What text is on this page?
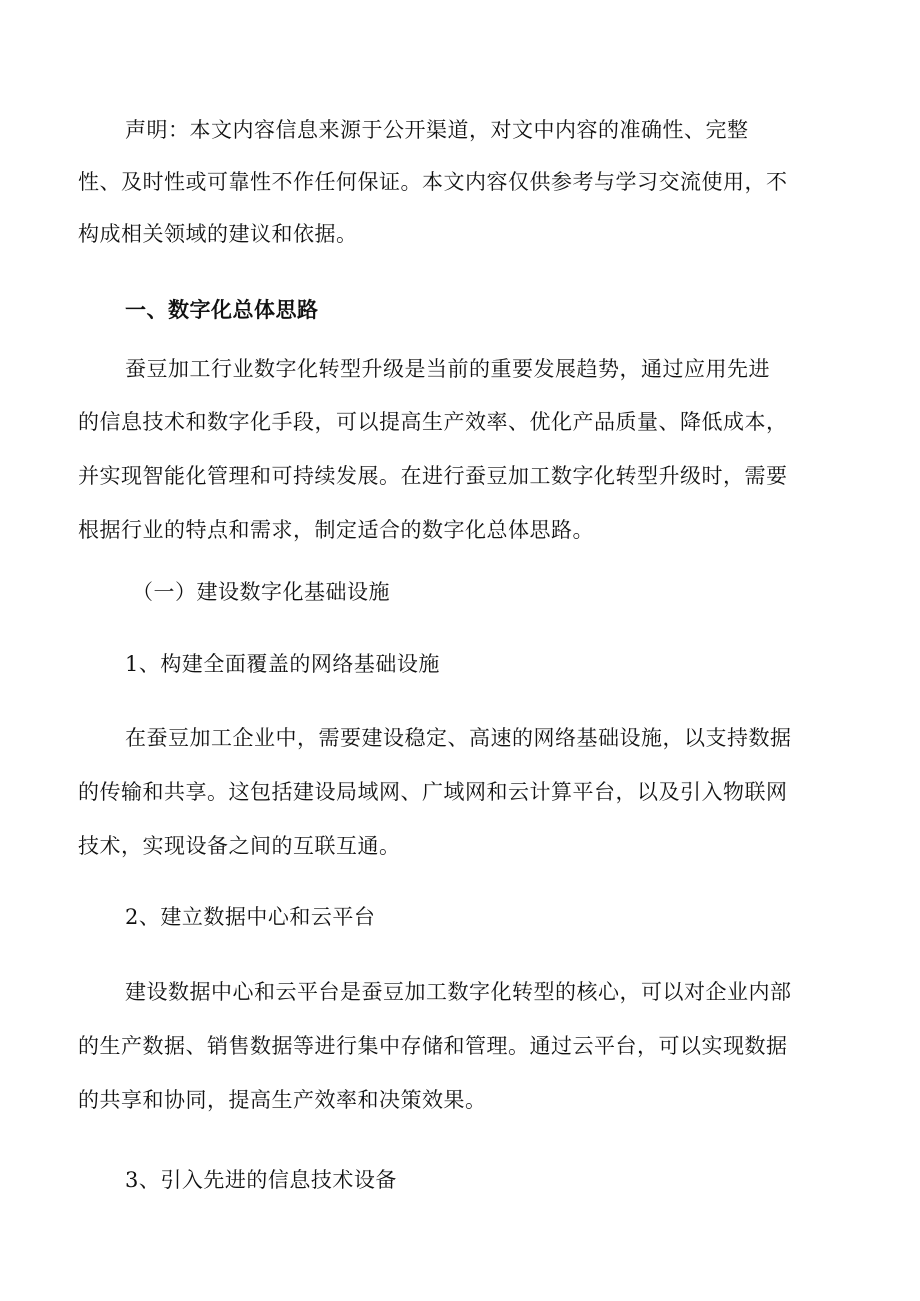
声明：本文内容信息来源于公开渠道，对文中内容的准确性、完整
性、及时性或可靠性不作任何保证。本文内容仅供参考与学习交流使用，不
构成相关领域的建议和依据。
一、数字化总体思路
蚕豆加工行业数字化转型升级是当前的重要发展趋势，通过应用先进
的信息技术和数字化手段，可以提高生产效率、优化产品质量、降低成本，
并实现智能化管理和可持续发展。在进行蚕豆加工数字化转型升级时，需要
根据行业的特点和需求，制定适合的数字化总体思路。
（一）建设数字化基础设施
1、构建全面覆盖的网络基础设施
在蚕豆加工企业中，需要建设稳定、高速的网络基础设施，以支持数据
的传输和共享。这包括建设局域网、广域网和云计算平台，以及引入物联网
技术，实现设备之间的互联互通。
2、建立数据中心和云平台
建设数据中心和云平台是蚕豆加工数字化转型的核心，可以对企业内部
的生产数据、销售数据等进行集中存储和管理。通过云平台，可以实现数据
的共享和协同，提高生产效率和决策效果。
3、引入先进的信息技术设备
